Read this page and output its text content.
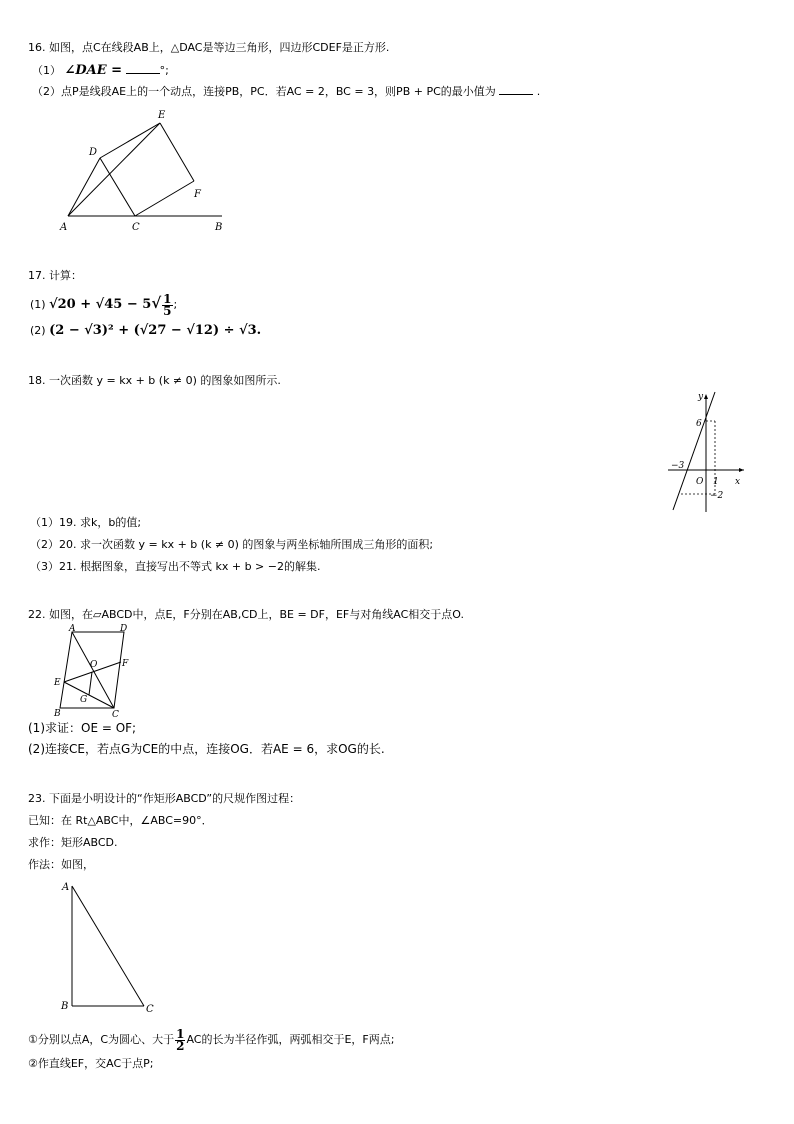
16. 如图，点C在线段AB上，△DAC是等边三角形，四边形CDEF是正方形.
（1） ∠DAE =	°;
（2）点P是线段AE上的一个动点，连接PB，PC．若AC = 2，BC = 3，则PB + PC的最小值为	.
A	C	B
D
E
F
17. 计算：
(1) $√20 + √45 - 5√ \frac{1}{5}$ ;
(2) (2 − √3)² + (√27 − √12) ÷ √3.
18. 一次函数 y = kx + b (k ≠ 0) 的图象如图所示.
y
x
6
−3
O 1
−2
（1）19. 求k，b的值;
（2）20. 求一次函数 y = kx + b (k ≠ 0) 的图象与两坐标轴所围成三角形的面积;
（3）21. 根据图象，直接写出不等式 kx + b > −2的解集.
22. 如图，在▱ABCD中，点E，F分别在AB,CD上，BE = DF，EF与对角线AC相交于点O.
A	D
B	C
E
F
O
G
(1)求证：OE = OF;
(2)连接CE，若点G为CE的中点，连接OG．若AE = 6，求OG的长.
23. 下面是小明设计的“作矩形ABCD”的尺规作图过程：
已知：在 Rt△ABC中，∠ABC=90°．
求作：矩形ABCD.
作法：如图，
A
B	C
①分别以点A，C为圆心、大于 $\frac{1}{2}$ AC的长为半径作弧，两弧相交于E，F两点;
②作直线EF，交AC于点P;
